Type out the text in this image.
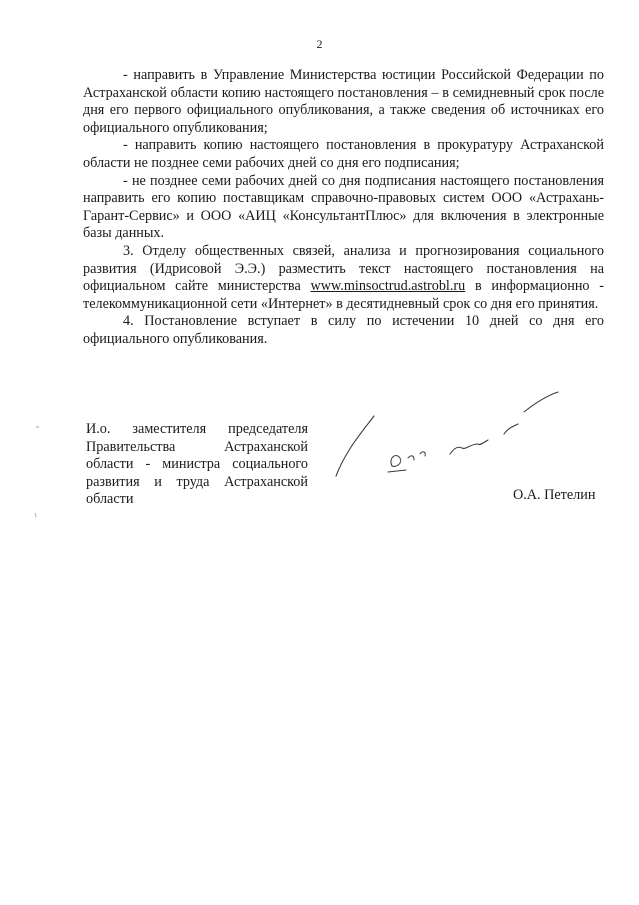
2

- направить в Управление Министерства юстиции Российской Федерации по Астраханской области копию настоящего постановления – в семидневный срок после дня его первого официального опубликования, а также сведения об источниках его официального опубликования;

- направить копию настоящего постановления в прокуратуру Астраханской области не позднее семи рабочих дней со дня его подписания;

- не позднее семи рабочих дней со дня подписания настоящего постановления направить его копию поставщикам справочно-правовых систем ООО «Астрахань-Гарант-Сервис» и ООО «АИЦ «КонсультантПлюс» для включения в электронные базы данных.

3. Отделу общественных связей, анализа и прогнозирования социального развития (Идрисовой Э.Э.) разместить текст настоящего постановления на официальном сайте министерства www.minsoctrud.astrobl.ru в информационно - телекоммуникационной сети «Интернет» в десятидневный срок со дня его принятия.

4. Постановление вступает в силу по истечении 10 дней со дня его официального опубликования.

И.о. заместителя председателя Правительства Астраханской области - министра социального развития и труда Астраханской области	О.А. Петелин
